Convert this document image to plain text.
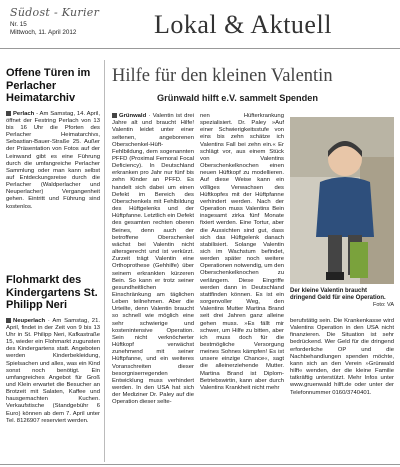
Südost - Kurier
Nr. 15
Mittwoch, 11. April 2012	Lokal & Aktuell
Offene Türen im Perlacher Heimatarchiv

Perlach - Am Samstag, 14. April, öffnet der Festring Perlach von 13 bis 16 Uhr die Pforten des Perlacher Heimatarchivs, Sebastian-Bauer-Straße 25. Außer der Präsentation von Fotos auf der Leinwand gibt es eine Führung durch die umfangreiche Perlacher Sammlung oder man kann selbst auf Entdeckungsreise durch die Perlacher (Waldperlacher und Neuperlacher) Vergangenheit gehen. Eintritt und Führung sind kostenlos.

Flohmarkt des Kindergartens St. Philipp Neri

Neuperlach · Am Samstag, 21. April, findet in der Zeit von 9 bis 13 Uhr in St. Philipp Neri, Kafkastraße 15, wieder ein Flohmarkt zugunsten des Kindergartens statt. Angeboten werden Kinderbekleidung, Spielsachen und alles, was ein Kind sonst noch benötigt. Ein umfangreiches Angebot für Groß und Klein erwartet die Besucher an Brotzeit mit Salaten, Kaffee und hausgemachten Kuchen. Verkaufstische (Standgebühr 6 Euro) können ab dem 7. April unter Tel. 8126907 reserviert werden.

Hilfe für den kleinen Valentin
Grünwald hilft e.V. sammelt Spenden

Grünwald · Valentin ist drei Jahre alt und braucht Hilfe! Valentin leidet unter einer seltenen, angeborenen Oberschenkel-Hüft-Fehlbildung, dem sogenannten PFFD (Proximal Femoral Focal Deficiency). In Deutschland erkranken pro Jahr nur fünf bis zehn Kinder an PFFD. Es handelt sich dabei um einen Defekt im Bereich des Oberschenkels mit Fehlbildung des Hüftgelenks und der Hüftpfanne. Letztlich ein Defekt des gesamten rechten oberen Beines, denn auch der betroffene Oberschenkel wächst bei Valentin nicht altersgerecht und ist verkürzt. Zurzeit trägt Valentin eine Orthoprothese (Gehhilfe) über seinem erkrankten kürzeren Bein. So kann er trotz seiner gesundheitlichen Einschränkung am täglichen Leben teilnehmen. Aber die Urteilte, denn Valentin braucht so schnell wie möglich eine sehr schwierige und kostenintensive Operation. Sein nicht verknöcherter Hüftkopf verwächst zunehmend mit seiner Hüftpfanne, und ein weiteres Voranschreiten dieser besorgniserregenden Entwicklung muss verhindert werden. In den USA hat sich der Mediziner Dr. Paley auf die Operation dieser selte-

nen Hüfterkrankung spezialisiert. Dr. Paley »Auf einer Schwierigkeitsstufe von eins bis zehn schätze ich Valentins Fall bei zehn ein.« Er schlägt vor, aus einem Stück von Valentins Oberschenkelknochen einen neuen Hüftkopf zu modellieren. Auf diese Weise kann ein völliges Verwachsen des Hüftkopfes mit der Hüftpfanne verhindert werden. Nach der Operation muss Valentins Bein insgesamt zirka fünf Monate fixiert werden. Eine Tortur, aber die Aussichten sind gut, dass sich das Hüftgelenk danach stabilisiert. Solange Valentin sich im Wachstum befindet, werden später noch weitere Operationen notwendig, um den Oberschenkelknochen zu verlängern. Diese Eingriffe werden dann in Deutschland stattfinden können. Es ist ein sorgenvoller Weg, den Valentins Mutter Martina Brand seit drei Jahren ganz alleine gehen muss. »Es fällt mir schwer, um Hilfe zu bitten, aber ich muss doch für die bestmögliche Versorgung meines Sohnes kämpfen! Es ist unsere einzige Chance«, sagt die alleinerziehende Mutter. Martina Brand ist Diplom-Betriebswirtin, kann aber durch Valentins Krankheit nicht mehr

Der kleine Valentin braucht dringend Geld für eine Operation.
Foto: VA

berufstätig sein. Die Krankenkasse wird Valentins Operation in den USA nicht finanzieren. Die Situation ist sehr bedrückend. Wer Geld für die dringend erforderliche OP und die Nachbehandlungen spenden möchte, kann sich an den Verein »Grünwald hilft« wenden, der die kleine Familie tatkräftig unterstützt. Mehr Infos unter www.gruenwald hilft.de oder unter der Telefonnummer 0160/3740401.
